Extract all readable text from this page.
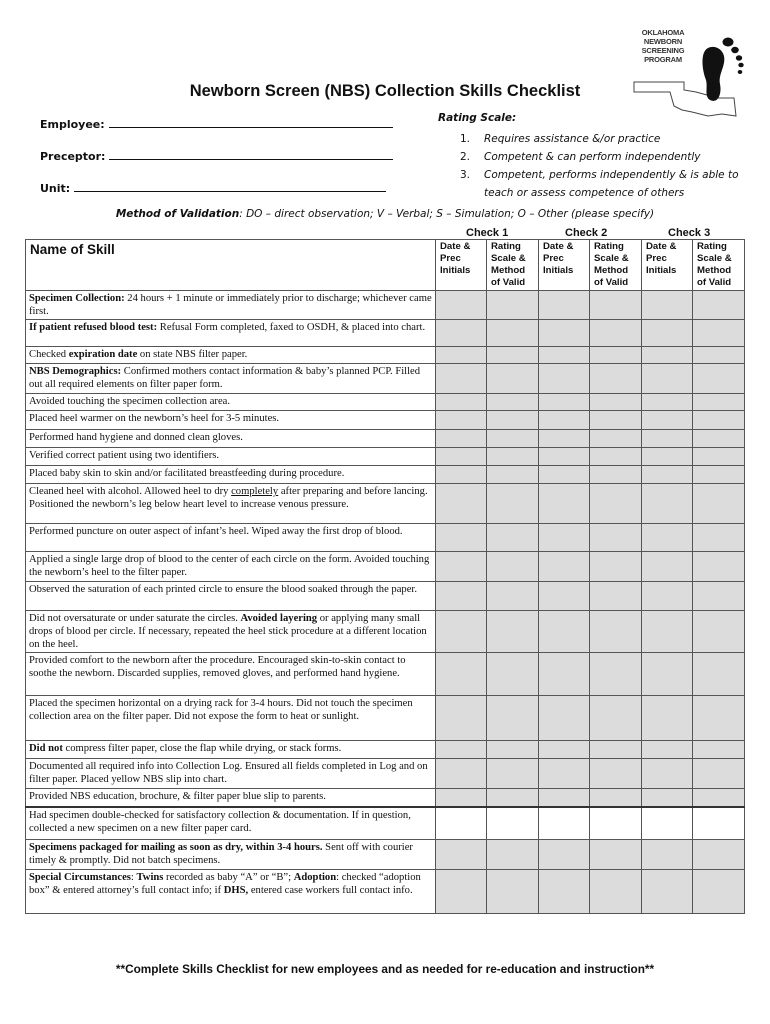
OKLAHOMA
NEWBORN
SCREENING
PROGRAM
Newborn Screen (NBS) Collection Skills Checklist
Employee:
Preceptor:
Unit:
Rating Scale:
1. Requires assistance &/or practice
2. Competent & can perform independently
3. Competent, performs independently & is able to
teach or assess competence of others
Method of Validation: DO – direct observation; V – Verbal; S – Simulation; O – Other (please specify)
Check 1	Check 2	Check 3
Name of Skill	Date & Prec Initials	Rating Scale & Method of Valid	Date & Prec Initials	Rating Scale & Method of Valid	Date & Prec Initials	Rating Scale & Method of Valid
Specimen Collection: 24 hours + 1 minute or immediately prior to discharge; whichever came first.						
If patient refused blood test: Refusal Form completed, faxed to OSDH, & placed into chart.						
Checked expiration date on state NBS filter paper.						
NBS Demographics: Confirmed mothers contact information & baby’s planned PCP. Filled out all required elements on filter paper form.						
Avoided touching the specimen collection area.						
Placed heel warmer on the newborn’s heel for 3-5 minutes.						
Performed hand hygiene and donned clean gloves.						
Verified correct patient using two identifiers.						
Placed baby skin to skin and/or facilitated breastfeeding during procedure.						
Cleaned heel with alcohol. Allowed heel to dry completely after preparing and before lancing. Positioned the newborn’s leg below heart level to increase venous pressure.						
Performed puncture on outer aspect of infant’s heel. Wiped away the first drop of blood.						
Applied a single large drop of blood to the center of each circle on the form. Avoided touching the newborn’s heel to the filter paper.						
Observed the saturation of each printed circle to ensure the blood soaked through the paper.						
Did not oversaturate or under saturate the circles. Avoided layering or applying many small drops of blood per circle. If necessary, repeated the heel stick procedure at a different location on the heel.						
Provided comfort to the newborn after the procedure. Encouraged skin-to-skin contact to soothe the newborn. Discarded supplies, removed gloves, and performed hand hygiene.						
Placed the specimen horizontal on a drying rack for 3-4 hours. Did not touch the specimen collection area on the filter paper. Did not expose the form to heat or sunlight.						
Did not compress filter paper, close the flap while drying, or stack forms.						
Documented all required info into Collection Log. Ensured all fields completed in Log and on filter paper. Placed yellow NBS slip into chart.						
Provided NBS education, brochure, & filter paper blue slip to parents.						
Had specimen double-checked for satisfactory collection & documentation. If in question, collected a new specimen on a new filter paper card.						
Specimens packaged for mailing as soon as dry, within 3-4 hours. Sent off with courier timely & promptly. Did not batch specimens.						
Special Circumstances: Twins recorded as baby “A” or “B”; Adoption: checked “adoption box” & entered attorney’s full contact info; if DHS, entered case workers full contact info.						
**Complete Skills Checklist for new employees and as needed for re-education and instruction**
